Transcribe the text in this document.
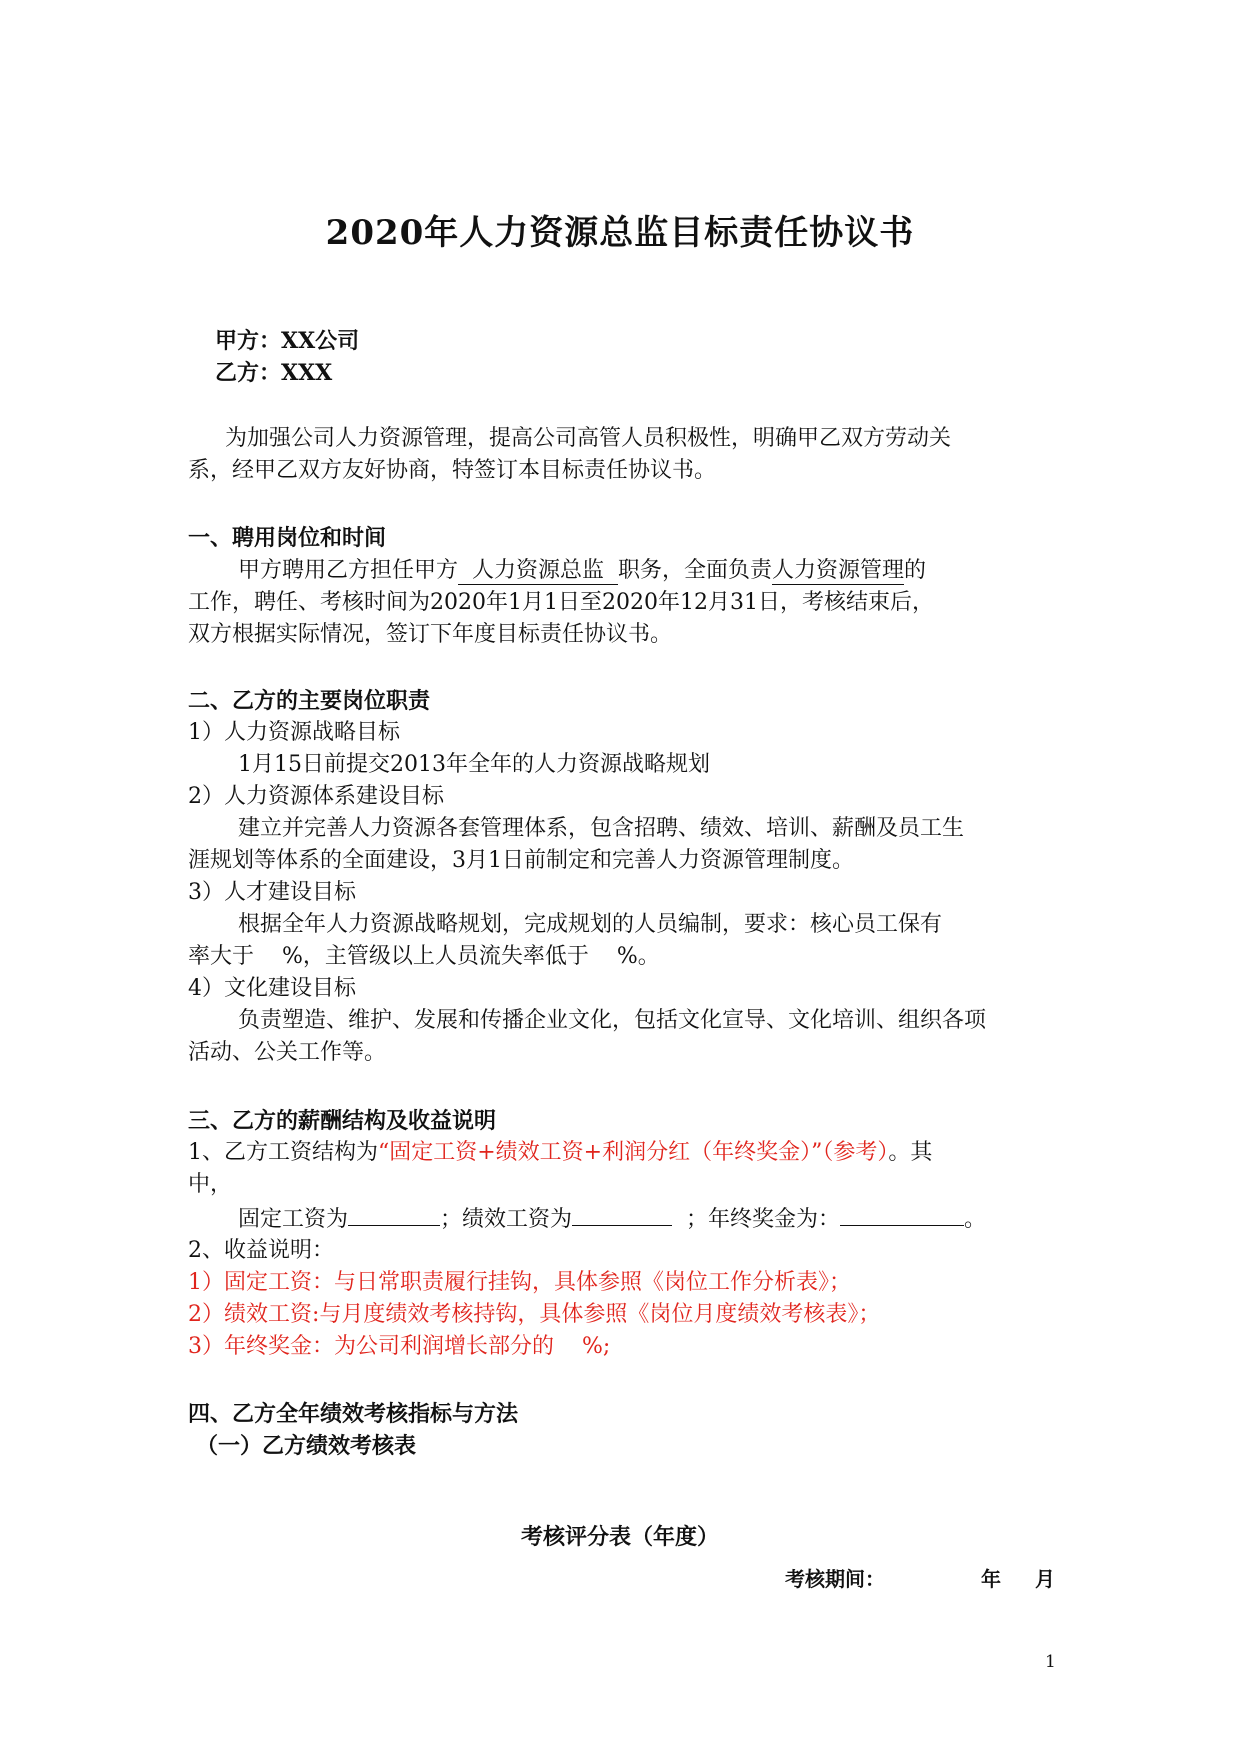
2020年人力资源总监目标责任协议书
甲方：XX公司
乙方：XXX
为加强公司人力资源管理，提高公司高管人员积极性，明确甲乙双方劳动关
系，经甲乙双方友好协商，特签订本目标责任协议书。
一、聘用岗位和时间
甲方聘用乙方担任甲方  人力资源总监  职务，全面负责人力资源管理的
工作，聘任、考核时间为2020年1月1日至2020年12月31日，考核结束后，
双方根据实际情况，签订下年度目标责任协议书。
二、乙方的主要岗位职责
1）人力资源战略目标
1月15日前提交2013年全年的人力资源战略规划
2）人力资源体系建设目标
建立并完善人力资源各套管理体系，包含招聘、绩效、培训、薪酬及员工生
涯规划等体系的全面建设，3月1日前制定和完善人力资源管理制度。
3）人才建设目标
根据全年人力资源战略规划，完成规划的人员编制，要求：核心员工保有
率大于    %，主管级以上人员流失率低于    %。
4）文化建设目标
负责塑造、维护、发展和传播企业文化，包括文化宣导、文化培训、组织各项
活动、公关工作等。
三、乙方的薪酬结构及收益说明
1、乙方工资结构为“固定工资+绩效工资+利润分红（年终奖金）”（参考）。其
中，
固定工资为	；绩效工资为	；年终奖金为：	。
2、收益说明：
1）固定工资：与日常职责履行挂钩，具体参照《岗位工作分析表》；
2）绩效工资:与月度绩效考核持钩，具体参照《岗位月度绩效考核表》；
3）年终奖金：为公司利润增长部分的    %;
四、乙方全年绩效考核指标与方法
（一）乙方绩效考核表
考核评分表（年度）
考核期间：	年 月
1
